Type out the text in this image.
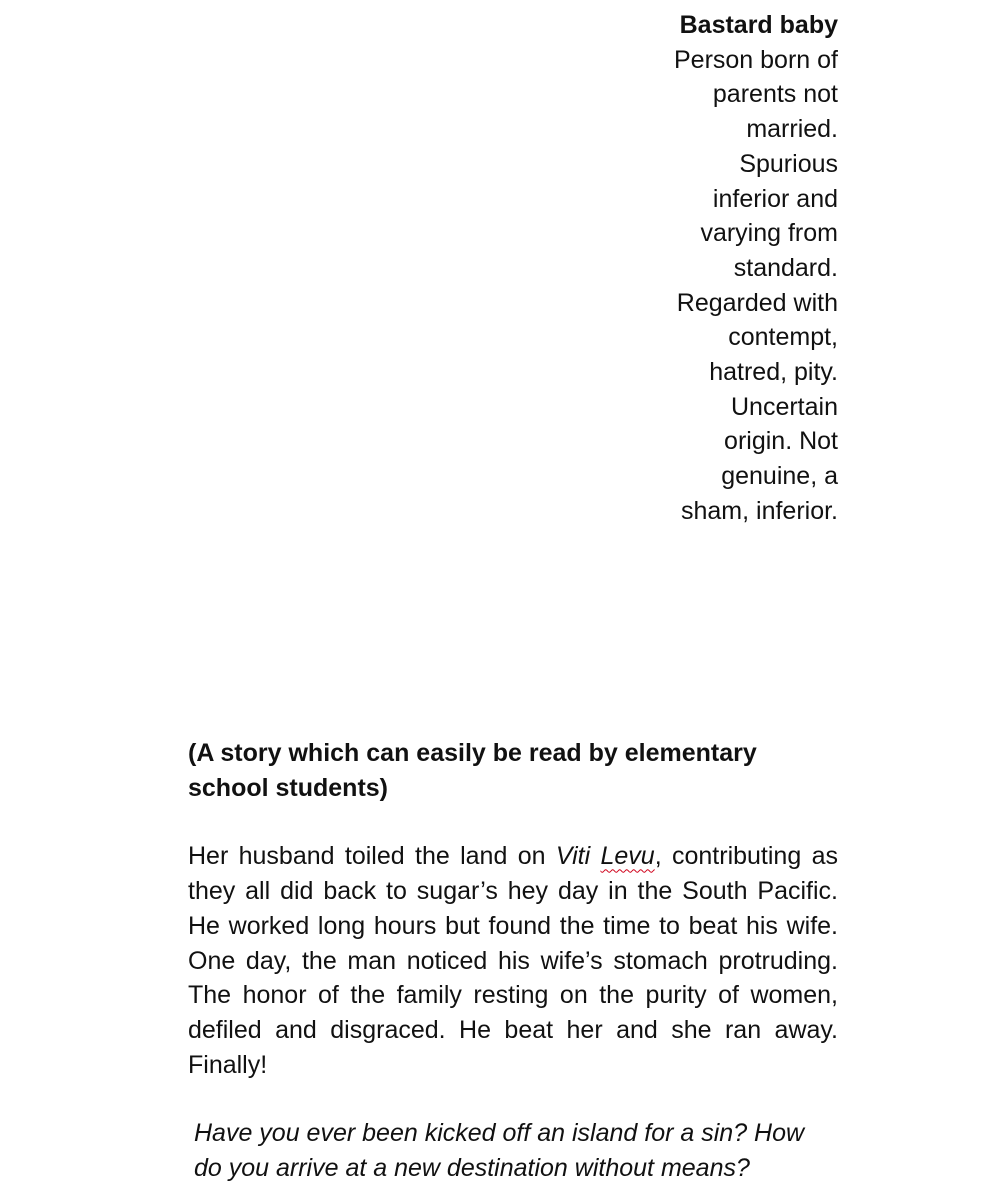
Bastard baby
Person born of parents not married. Spurious inferior and varying from standard. Regarded with contempt, hatred, pity. Uncertain origin. Not genuine, a sham, inferior.

(A story which can easily be read by elementary school students)

Her husband toiled the land on Viti Levu, contributing as they all did back to sugar’s hey day in the South Pacific. He worked long hours but found the time to beat his wife. One day, the man noticed his wife’s stomach protruding. The honor of the family resting on the purity of women, defiled and disgraced. He beat her and she ran away. Finally!

Have you ever been kicked off an island for a sin? How do you arrive at a new destination without means?
